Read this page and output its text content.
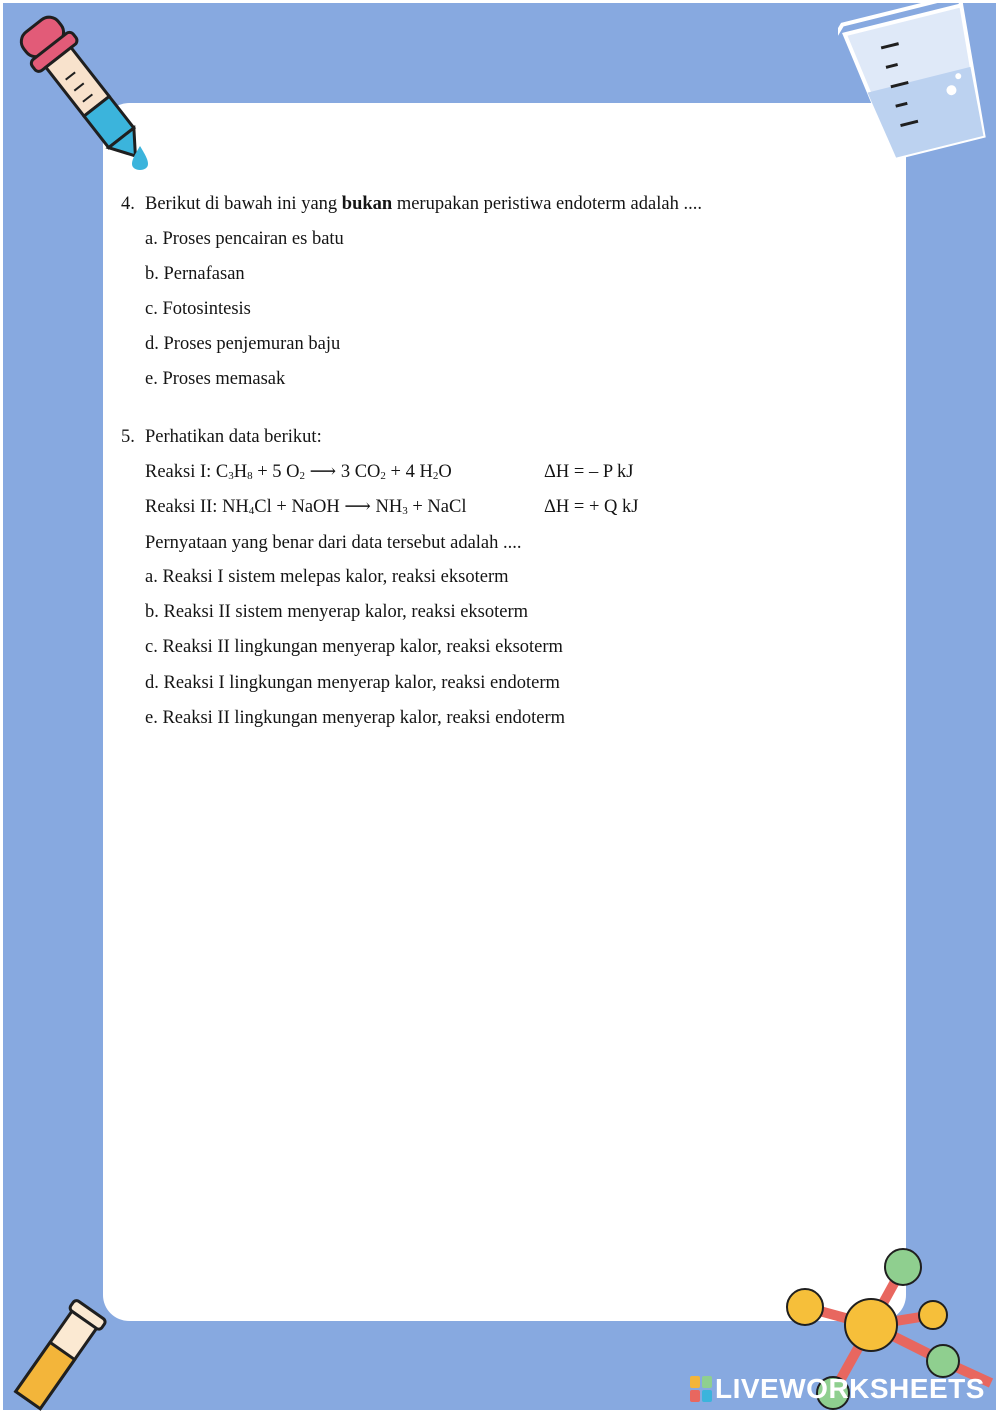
4. Berikut di bawah ini yang bukan merupakan peristiwa endoterm adalah ....
a. Proses pencairan es batu
b. Pernafasan
c. Fotosintesis
d. Proses penjemuran baju
e. Proses memasak
5. Perhatikan data berikut:
Reaksi I: $C_3H_8 + 5$ $O_2$ ⟶ 3 $CO_2 + 4$ $H_2O$	ΔH = – P kJ
Reaksi II: $NH_4Cl$ + NaOH ⟶ $NH_3$ + NaCl	ΔH = + Q kJ
Pernyataan yang benar dari data tersebut adalah ....
a. Reaksi I sistem melepas kalor, reaksi eksoterm
b. Reaksi II sistem menyerap kalor, reaksi eksoterm
c. Reaksi II lingkungan menyerap kalor, reaksi eksoterm
d. Reaksi I lingkungan menyerap kalor, reaksi endoterm
e. Reaksi II lingkungan menyerap kalor, reaksi endoterm
LIVEWORKSHEETS
